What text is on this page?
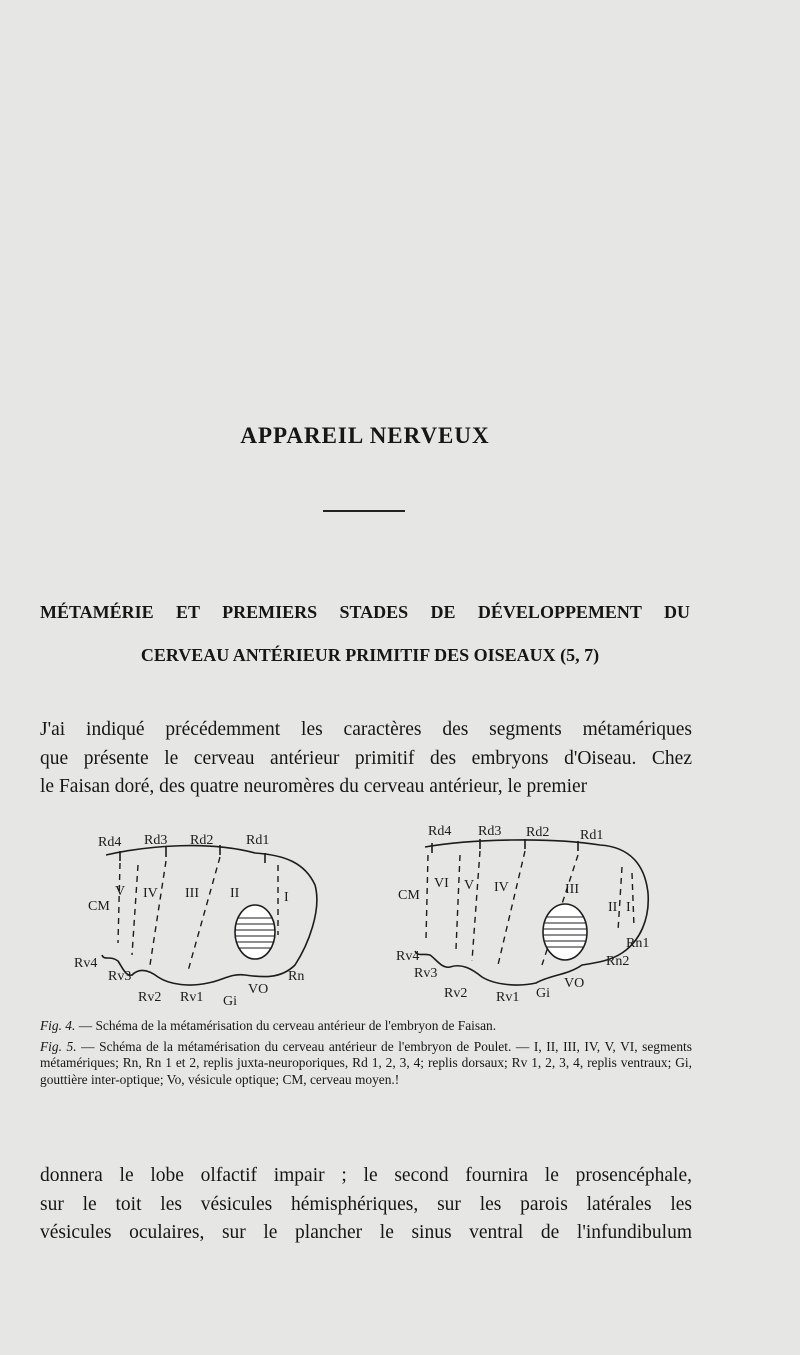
APPAREIL NERVEUX
MÉTAMÉRIE ET PREMIERS STADES DE DÉVELOPPEMENT DU
CERVEAU ANTÉRIEUR PRIMITIF DES OISEAUX (5, 7)
J'ai indiqué précédemment les caractères des segments métamériques
que présente le cerveau antérieur primitif des embryons d'Oiseau. Chez
le Faisan doré, des quatre neuromères du cerveau antérieur, le premier
Rd4 Rd3 Rd2 Rd1
CM
V IV III II	I
Rv4
Rv3
Rv2 Rv1 Gi
VO
Rn
Rd4 Rd3 Rd2 Rd1
CM
VI V IV	III
II I
Rv4
Rv3
Rv2 Rv1 Gi
VO
Rn1
Rn2

Fig. 4. — Schéma de la métamérisation du cerveau antérieur de l'embryon de Faisan.

Fig. 5. — Schéma de la métamérisation du cerveau antérieur de l'embryon de Poulet. — I, II, III, IV, V, VI, segments métamériques; Rn, Rn 1 et 2, replis juxta-neuroporiques, Rd 1, 2, 3, 4; replis dorsaux; Rv 1, 2, 3, 4, replis ventraux; Gi, gouttière inter-optique; Vo, vésicule optique; CM, cerveau moyen.!

donnera le lobe olfactif impair ; le second fournira le prosencéphale,
sur le toit les vésicules hémisphériques, sur les parois latérales les
vésicules oculaires, sur le plancher le sinus ventral de l'infundibulum
